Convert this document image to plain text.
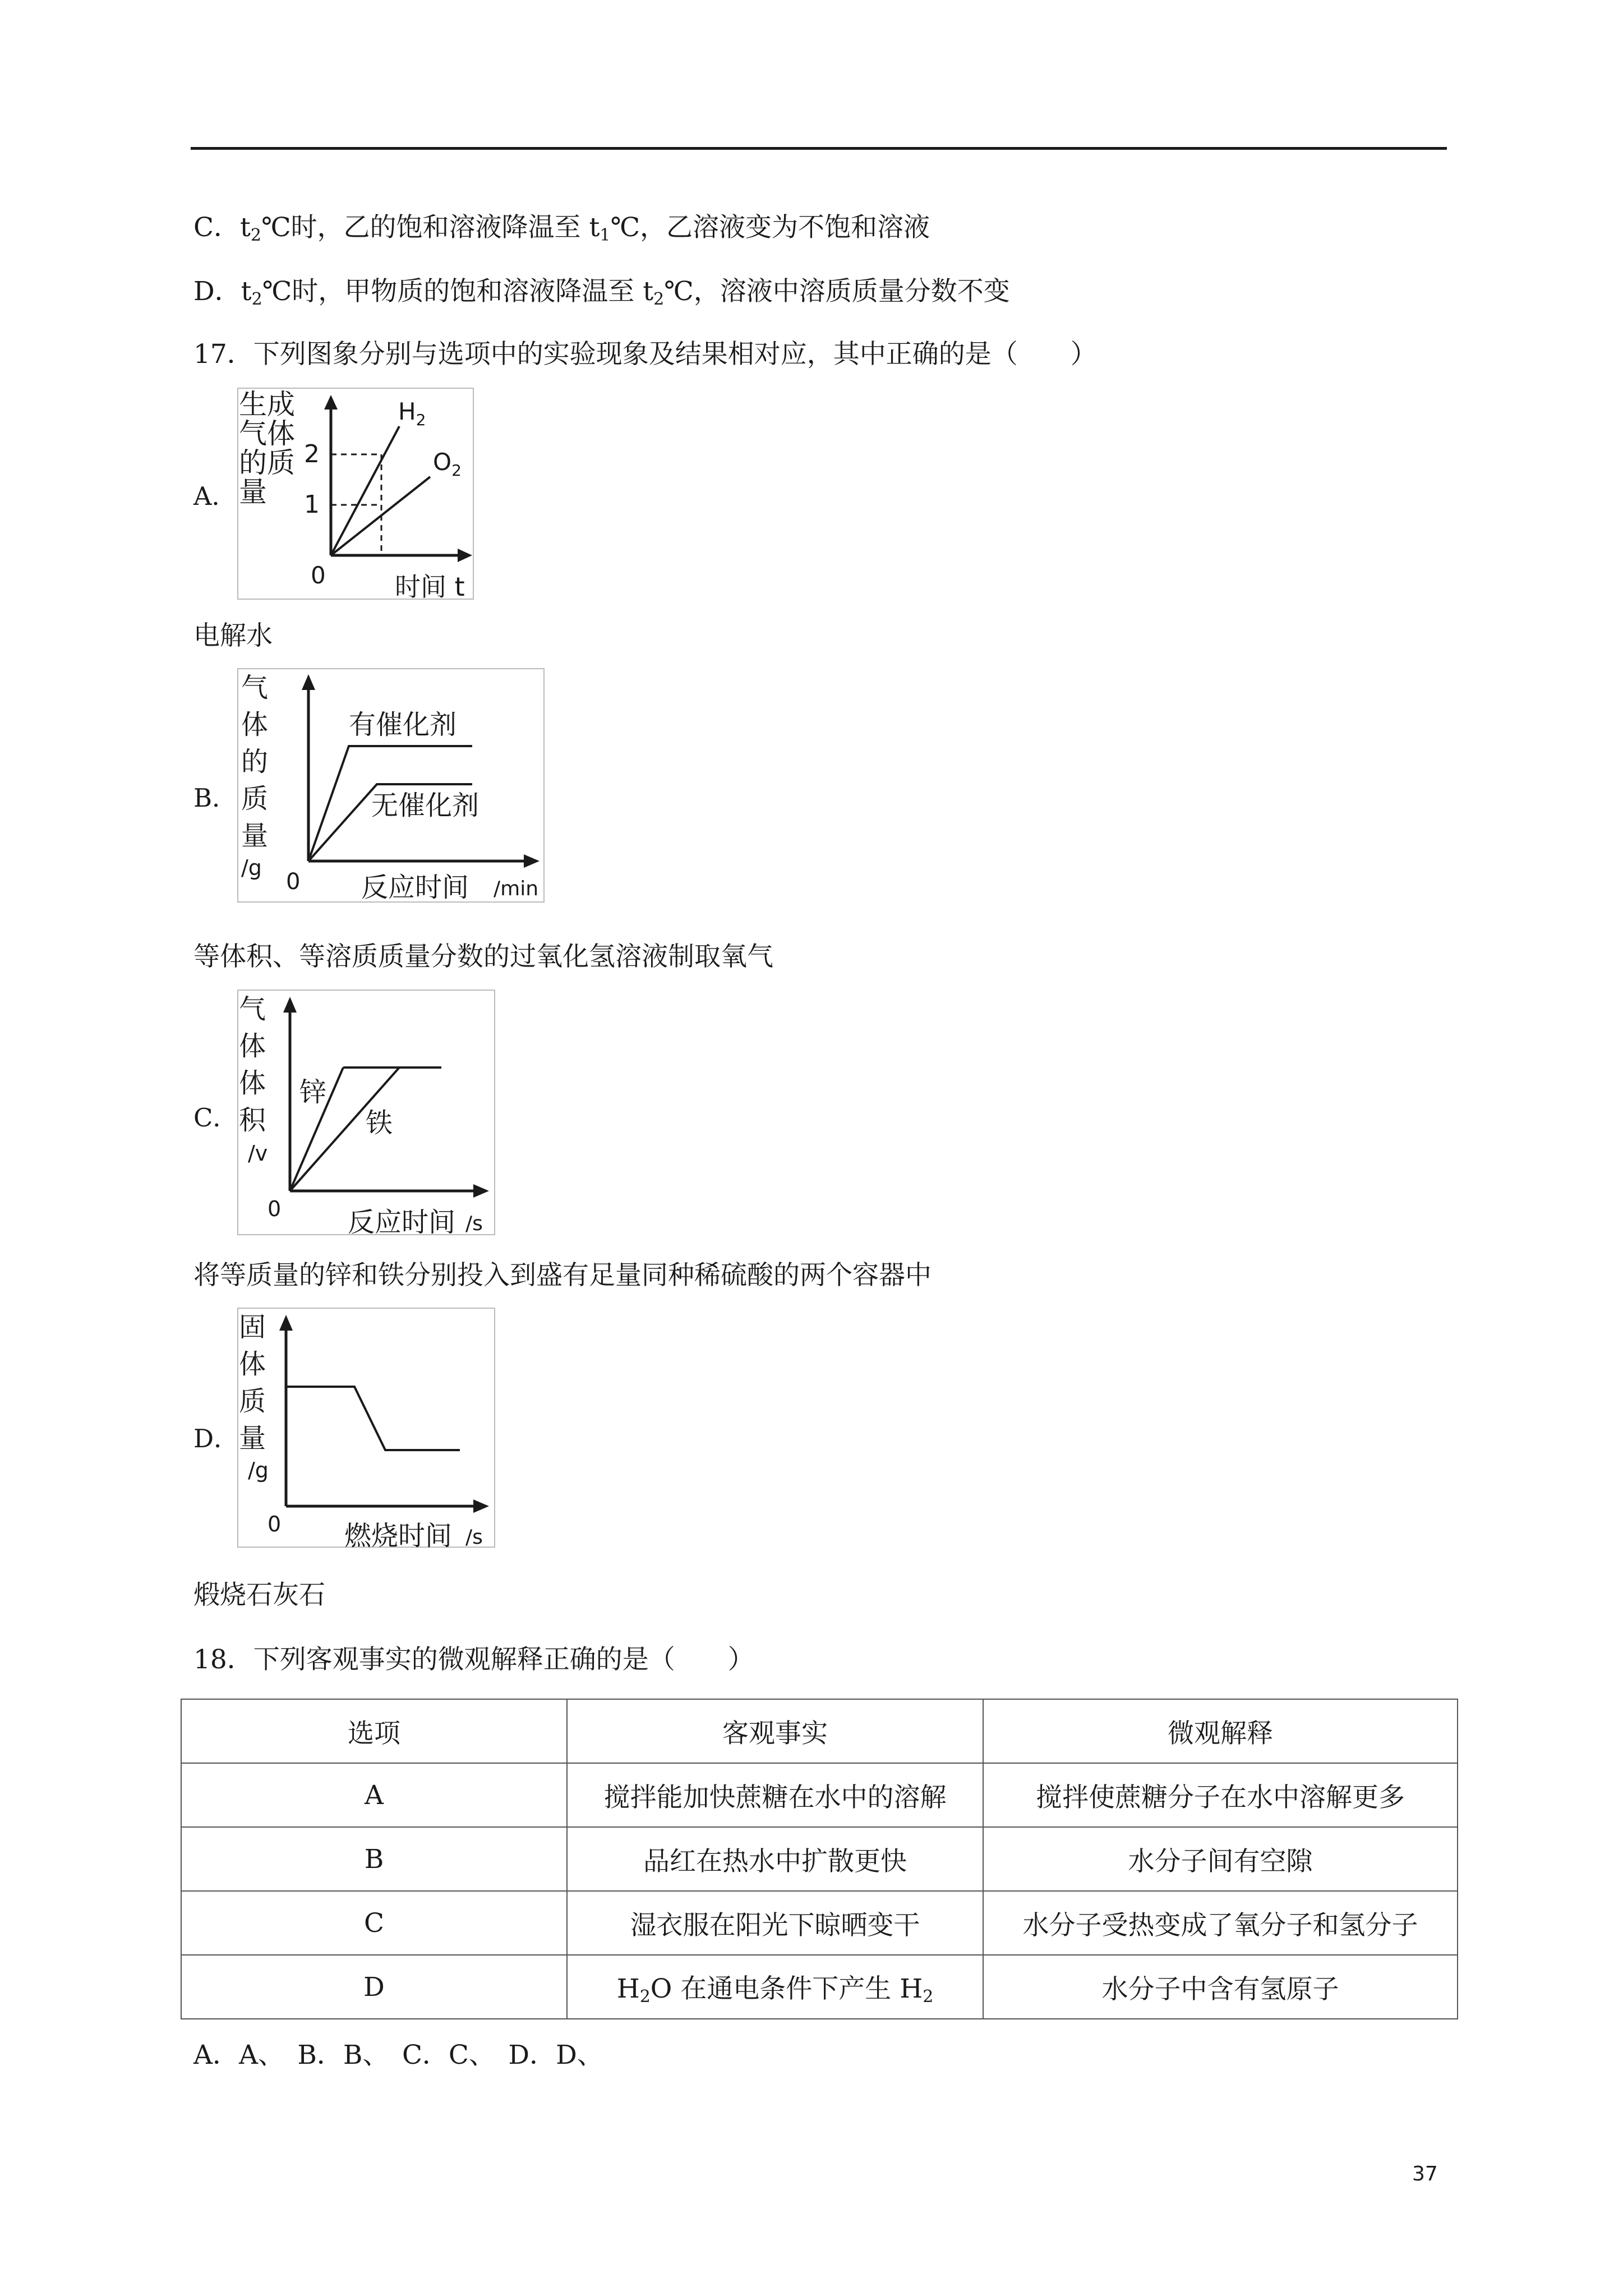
C．$t_2℃$时，乙的饱和溶液降温至 $t_1℃$，乙溶液变为不饱和溶液
D．$t_2℃$时，甲物质的饱和溶液降温至 $t_2℃$，溶液中溶质质量分数不变
17．下列图象分别与选项中的实验现象及结果相对应，其中正确的是（　　）
A．
生成
气体
的质
量
2
1
0
$H_2$
$O_2$
时间 t
电解水
B．
气
体
的
质
量
/g
有催化剂
无催化剂
0 反应时间 /min
等体积、等溶质质量分数的过氧化氢溶液制取氧气
C．
气
体
体
积
/v
锌
铁
0 反应时间 /s
将等质量的锌和铁分别投入到盛有足量同种稀硫酸的两个容器中
D．
固
体
质
量
/g
0 燃烧时间 /s
煅烧石灰石
18．下列客观事实的微观解释正确的是（　　）
选项	客观事实	微观解释
A	搅拌能加快蔗糖在水中的溶解	搅拌使蔗糖分子在水中溶解更多
B	品红在热水中扩散更快	水分子间有空隙
C	湿衣服在阳光下晾晒变干	水分子受热变成了氧分子和氢分子
D	$H_2O$ 在通电条件下产生 $H_2$	水分子中含有氢原子
A．A、　B．B、　C．C、　D．D、
37
